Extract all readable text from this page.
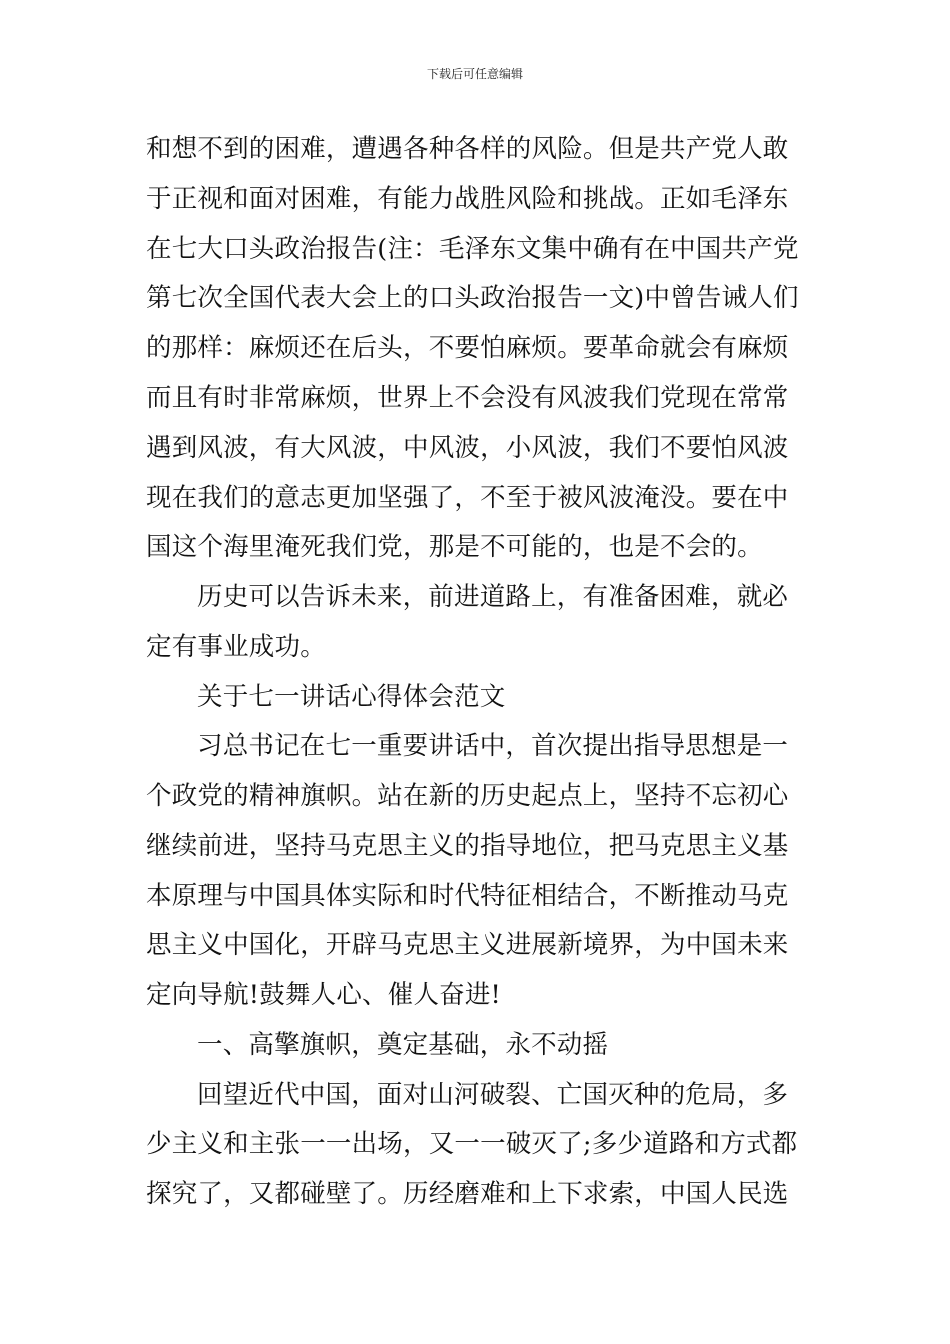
下载后可任意编辑
和想不到的困难，遭遇各种各样的风险。但是共产党人敢
于正视和面对困难，有能力战胜风险和挑战。正如毛泽东
在七大口头政治报告(注：毛泽东文集中确有在中国共产党
第七次全国代表大会上的口头政治报告一文)中曾告诫人们
的那样：麻烦还在后头，不要怕麻烦。要革命就会有麻烦
而且有时非常麻烦，世界上不会没有风波我们党现在常常
遇到风波，有大风波，中风波，小风波，我们不要怕风波
现在我们的意志更加坚强了，不至于被风波淹没。要在中
国这个海里淹死我们党，那是不可能的，也是不会的。
历史可以告诉未来，前进道路上，有准备困难，就必
定有事业成功。
关于七一讲话心得体会范文
习总书记在七一重要讲话中，首次提出指导思想是一
个政党的精神旗帜。站在新的历史起点上，坚持不忘初心
继续前进，坚持马克思主义的指导地位，把马克思主义基
本原理与中国具体实际和时代特征相结合，不断推动马克
思主义中国化，开辟马克思主义进展新境界，为中国未来
定向导航!鼓舞人心、催人奋进!
一、高擎旗帜，奠定基础，永不动摇
回望近代中国，面对山河破裂、亡国灭种的危局，多
少主义和主张一一出场，又一一破灭了;多少道路和方式都
探究了，又都碰壁了。历经磨难和上下求索，中国人民选
